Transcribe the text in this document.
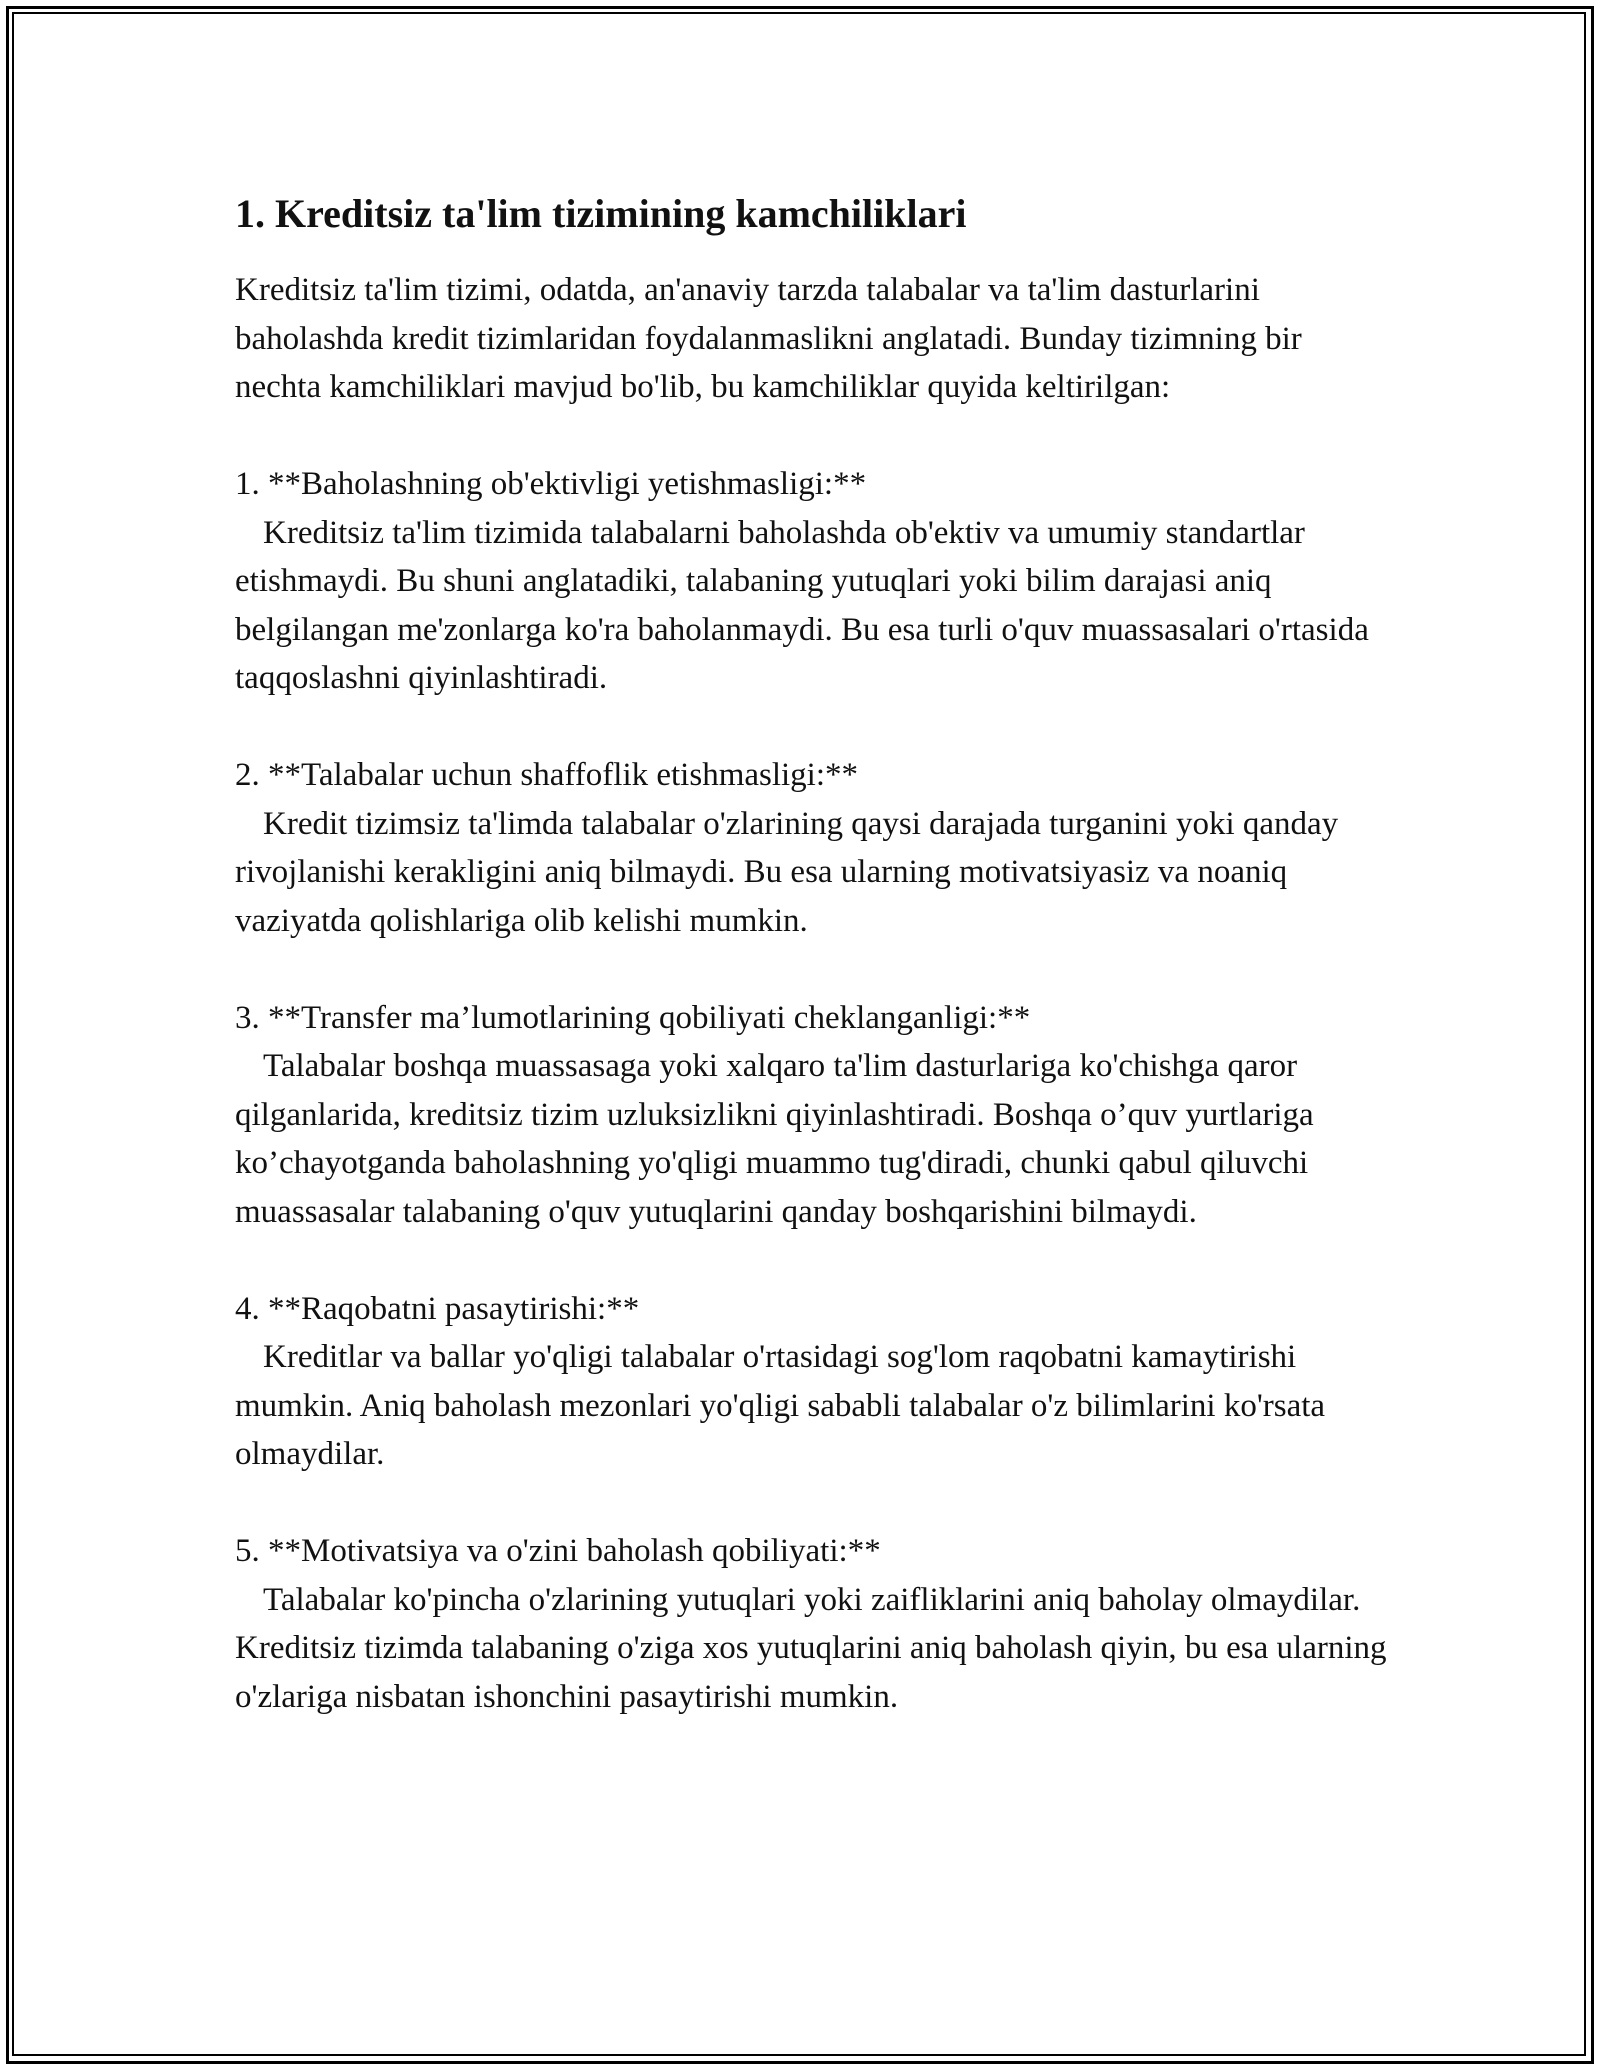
1. Kreditsiz ta'lim tizimining kamchiliklari

Kreditsiz ta'lim tizimi, odatda, an'anaviy tarzda talabalar va ta'lim dasturlarini baholashda kredit tizimlaridan foydalanmaslikni anglatadi. Bunday tizimning bir nechta kamchiliklari mavjud bo'lib, bu kamchiliklar quyida keltirilgan:

1. **Baholashning ob'ektivligi yetishmasligi:**

Kreditsiz ta'lim tizimida talabalarni baholashda ob'ektiv va umumiy standartlar etishmaydi. Bu shuni anglatadiki, talabaning yutuqlari yoki bilim darajasi aniq belgilangan me'zonlarga ko'ra baholanmaydi. Bu esa turli o'quv muassasalari o'rtasida taqqoslashni qiyinlashtiradi.

2. **Talabalar uchun shaffoflik etishmasligi:**

Kredit tizimsiz ta'limda talabalar o'zlarining qaysi darajada turganini yoki qanday rivojlanishi kerakligini aniq bilmaydi. Bu esa ularning motivatsiyasiz va noaniq vaziyatda qolishlariga olib kelishi mumkin.

3. **Transfer ma’lumotlarining qobiliyati cheklanganligi:**

Talabalar boshqa muassasaga yoki xalqaro ta'lim dasturlariga ko'chishga qaror qilganlarida, kreditsiz tizim uzluksizlikni qiyinlashtiradi. Boshqa o’quv yurtlariga ko’chayotganda baholashning yo'qligi muammo tug'diradi, chunki qabul qiluvchi muassasalar talabaning o'quv yutuqlarini qanday boshqarishini bilmaydi.

4. **Raqobatni pasaytirishi:**

Kreditlar va ballar yo'qligi talabalar o'rtasidagi sog'lom raqobatni kamaytirishi mumkin. Aniq baholash mezonlari yo'qligi sababli talabalar o'z bilimlarini ko'rsata olmaydilar.

5. **Motivatsiya va o'zini baholash qobiliyati:**

Talabalar ko'pincha o'zlarining yutuqlari yoki zaifliklarini aniq baholay olmaydilar. Kreditsiz tizimda talabaning o'ziga xos yutuqlarini aniq baholash qiyin, bu esa ularning o'zlariga nisbatan ishonchini pasaytirishi mumkin.
